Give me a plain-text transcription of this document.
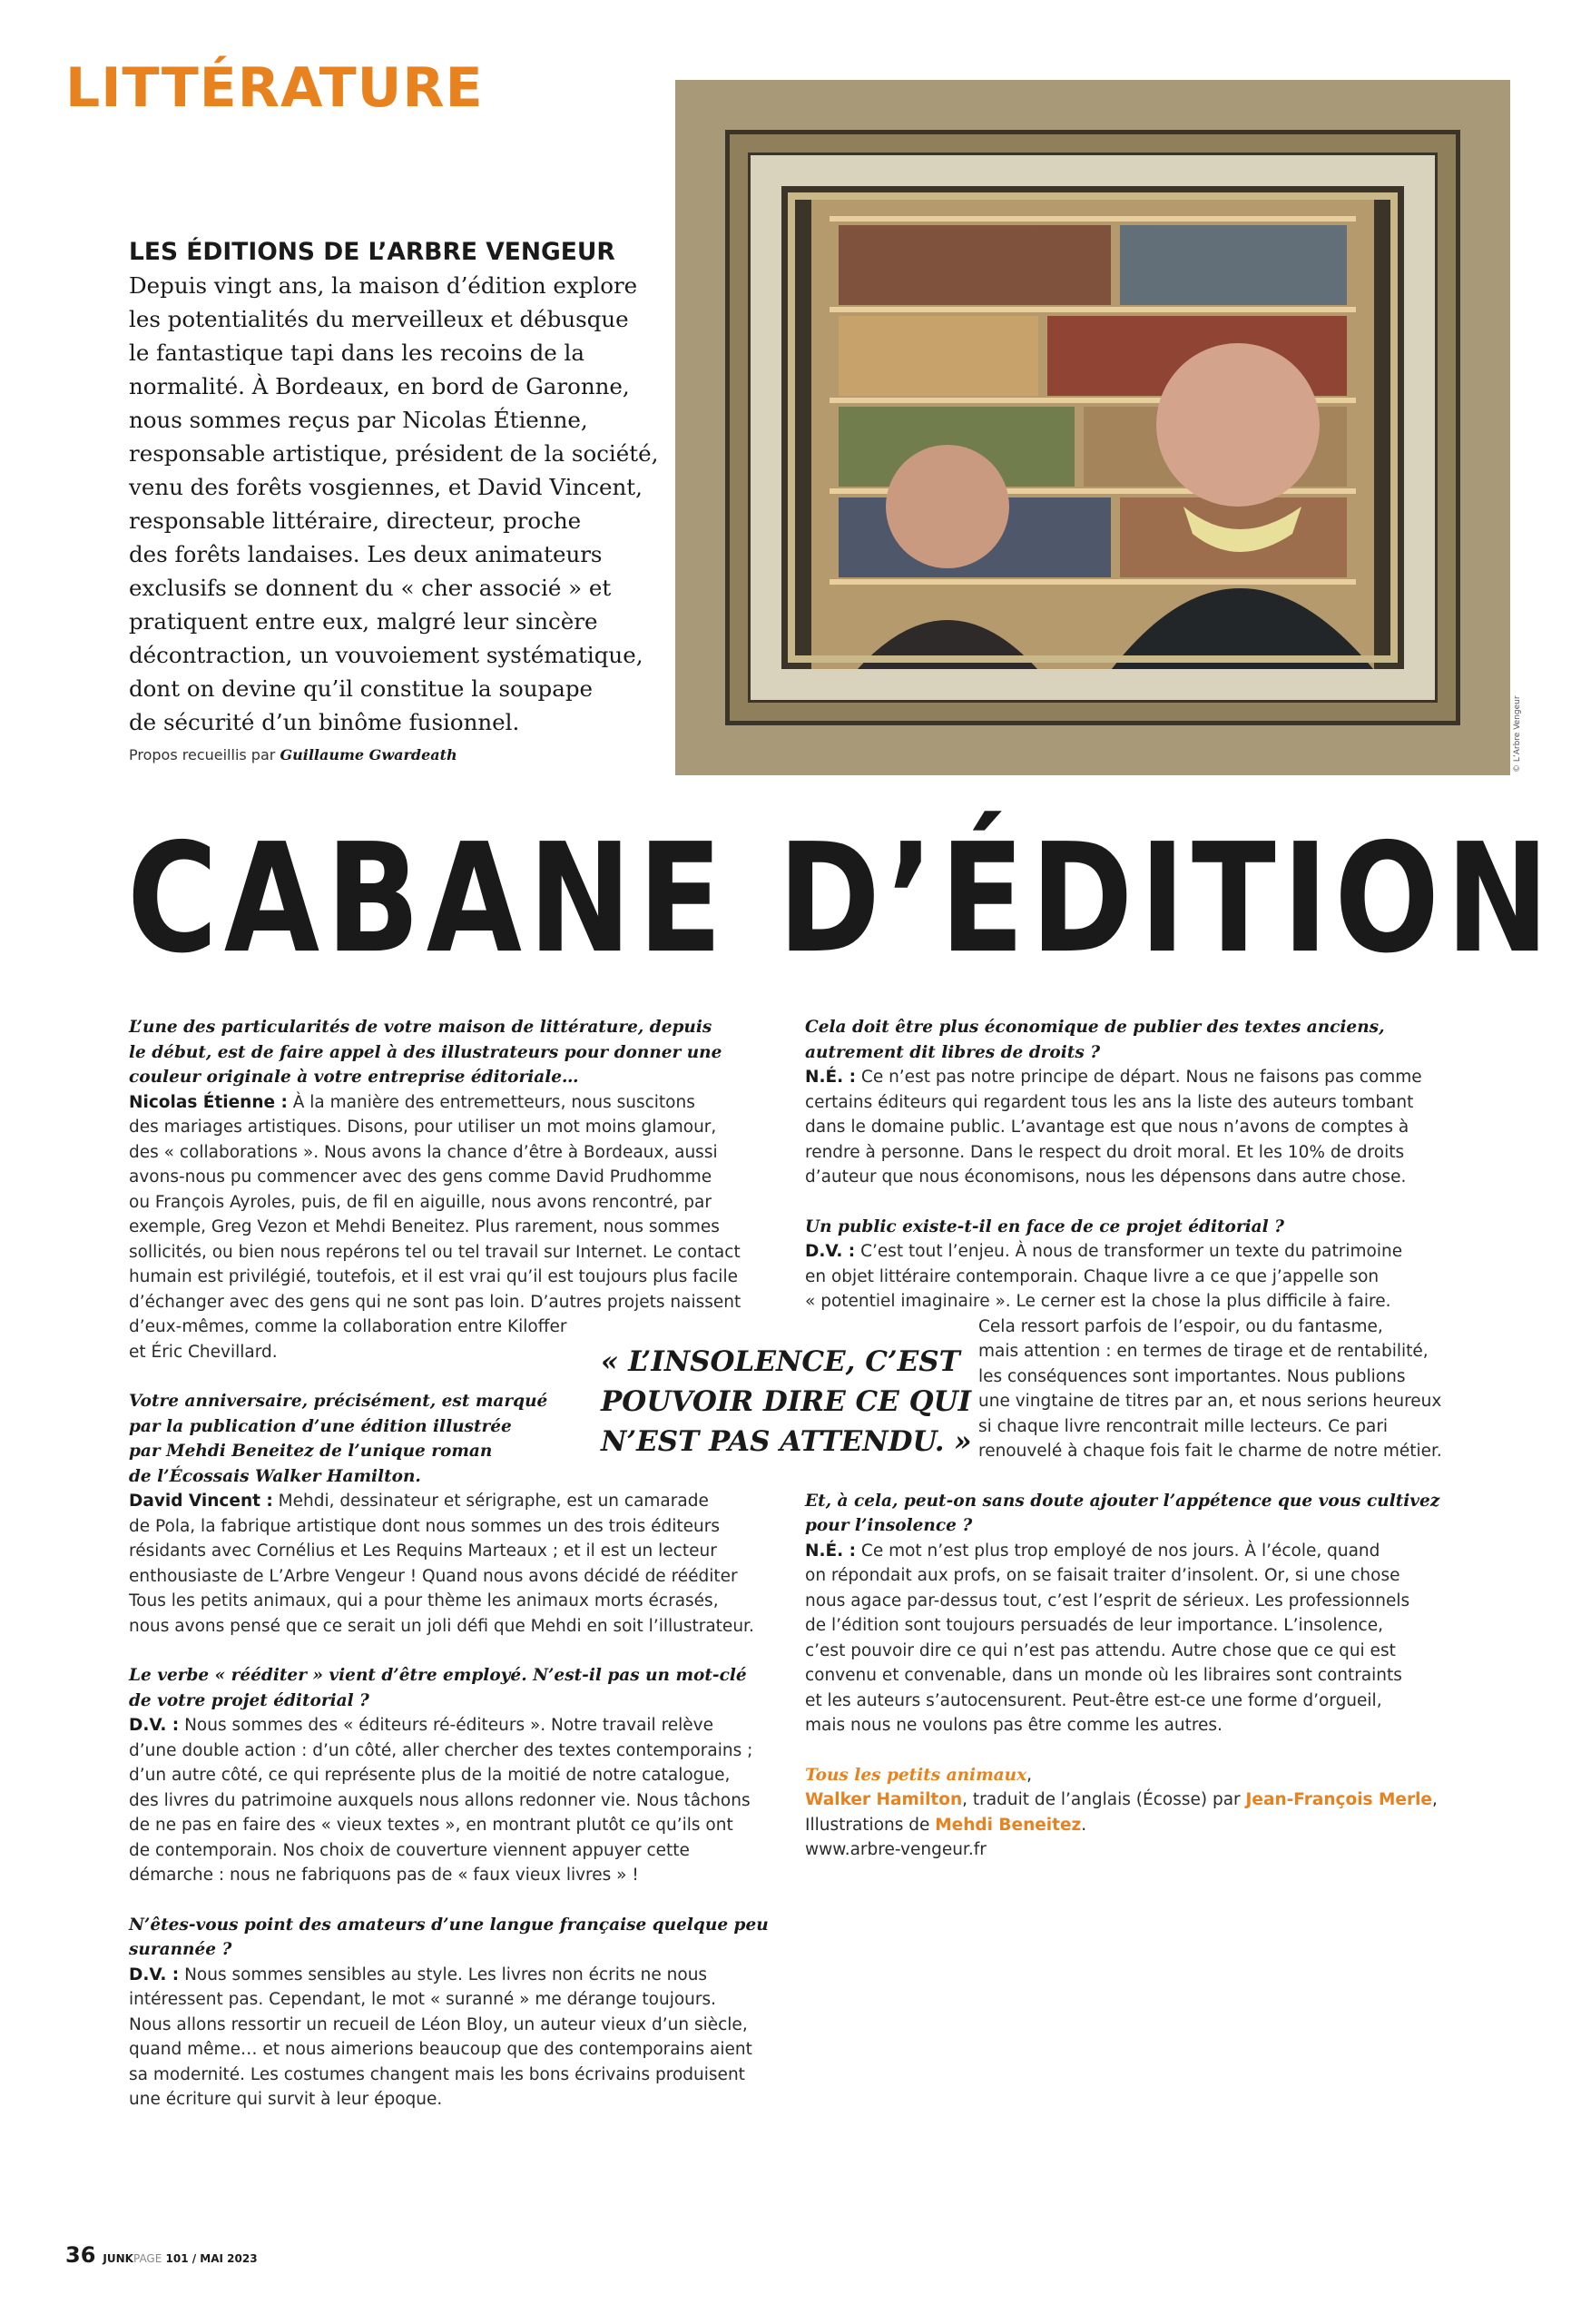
LITTÉRATURE
LES ÉDITIONS DE L’ARBRE VENGEUR
Depuis vingt ans, la maison d’édition explore
les potentialités du merveilleux et débusque
le fantastique tapi dans les recoins de la
normalité. À Bordeaux, en bord de Garonne,
nous sommes reçus par Nicolas Étienne,
responsable artistique, président de la société,
venu des forêts vosgiennes, et David Vincent,
responsable littéraire, directeur, proche
des forêts landaises. Les deux animateurs
exclusifs se donnent du « cher associé » et
pratiquent entre eux, malgré leur sincère
décontraction, un vouvoiement systématique,
dont on devine qu’il constitue la soupape
de sécurité d’un binôme fusionnel.
Propos recueillis par Guillaume Gwardeath	© L’Arbre Vengeur
CABANE D’ÉDITION
L’une des particularités de votre maison de littérature, depuis
le début, est de faire appel à des illustrateurs pour donner une
couleur originale à votre entreprise éditoriale…
Nicolas Étienne : À la manière des entremetteurs, nous suscitons
des mariages artistiques. Disons, pour utiliser un mot moins glamour,
des « collaborations ». Nous avons la chance d’être à Bordeaux, aussi
avons-nous pu commencer avec des gens comme David Prudhomme
ou François Ayroles, puis, de fil en aiguille, nous avons rencontré, par
exemple, Greg Vezon et Mehdi Beneitez. Plus rarement, nous sommes
sollicités, ou bien nous repérons tel ou tel travail sur Internet. Le contact
humain est privilégié, toutefois, et il est vrai qu’il est toujours plus facile
d’échanger avec des gens qui ne sont pas loin. D’autres projets naissent
d’eux-mêmes, comme la collaboration entre Kiloffer
et Éric Chevillard.
Votre anniversaire, précisément, est marqué
par la publication d’une édition illustrée
par Mehdi Beneitez de l’unique roman
de l’Écossais Walker Hamilton.
David Vincent : Mehdi, dessinateur et sérigraphe, est un camarade
de Pola, la fabrique artistique dont nous sommes un des trois éditeurs
résidants avec Cornélius et Les Requins Marteaux ; et il est un lecteur
enthousiaste de L’Arbre Vengeur ! Quand nous avons décidé de rééditer
Tous les petits animaux, qui a pour thème les animaux morts écrasés,
nous avons pensé que ce serait un joli défi que Mehdi en soit l’illustrateur.
Le verbe « rééditer » vient d’être employé. N’est-il pas un mot-clé
de votre projet éditorial ?
D.V. : Nous sommes des « éditeurs ré-éditeurs ». Notre travail relève
d’une double action : d’un côté, aller chercher des textes contemporains ;
d’un autre côté, ce qui représente plus de la moitié de notre catalogue,
des livres du patrimoine auxquels nous allons redonner vie. Nous tâchons
de ne pas en faire des « vieux textes », en montrant plutôt ce qu’ils ont
de contemporain. Nos choix de couverture viennent appuyer cette
démarche : nous ne fabriquons pas de « faux vieux livres » !
N’êtes-vous point des amateurs d’une langue française quelque peu
surannée ?
D.V. : Nous sommes sensibles au style. Les livres non écrits ne nous
intéressent pas. Cependant, le mot « suranné » me dérange toujours.
Nous allons ressortir un recueil de Léon Bloy, un auteur vieux d’un siècle,
quand même… et nous aimerions beaucoup que des contemporains aient
sa modernité. Les costumes changent mais les bons écrivains produisent
une écriture qui survit à leur époque.
Cela doit être plus économique de publier des textes anciens,
autrement dit libres de droits ?
N.É. : Ce n’est pas notre principe de départ. Nous ne faisons pas comme
certains éditeurs qui regardent tous les ans la liste des auteurs tombant
dans le domaine public. L’avantage est que nous n’avons de comptes à
rendre à personne. Dans le respect du droit moral. Et les 10% de droits
d’auteur que nous économisons, nous les dépensons dans autre chose.
Un public existe-t-il en face de ce projet éditorial ?
D.V. : C’est tout l’enjeu. À nous de transformer un texte du patrimoine
en objet littéraire contemporain. Chaque livre a ce que j’appelle son
« potentiel imaginaire ». Le cerner est la chose la plus difficile à faire.
Cela ressort parfois de l’espoir, ou du fantasme,
mais attention : en termes de tirage et de rentabilité,
les conséquences sont importantes. Nous publions
une vingtaine de titres par an, et nous serions heureux
si chaque livre rencontrait mille lecteurs. Ce pari
renouvelé à chaque fois fait le charme de notre métier.
Et, à cela, peut-on sans doute ajouter l’appétence que vous cultivez
pour l’insolence ?
N.É. : Ce mot n’est plus trop employé de nos jours. À l’école, quand
on répondait aux profs, on se faisait traiter d’insolent. Or, si une chose
nous agace par-dessus tout, c’est l’esprit de sérieux. Les professionnels
de l’édition sont toujours persuadés de leur importance. L’insolence,
c’est pouvoir dire ce qui n’est pas attendu. Autre chose que ce qui est
convenu et convenable, dans un monde où les libraires sont contraints
et les auteurs s’autocensurent. Peut-être est-ce une forme d’orgueil,
mais nous ne voulons pas être comme les autres.
Tous les petits animaux,
Walker Hamilton, traduit de l’anglais (Écosse) par Jean-François Merle,
Illustrations de Mehdi Beneitez.
www.arbre-vengeur.fr
« L’INSOLENCE, C’EST
POUVOIR DIRE CE QUI
N’EST PAS ATTENDU. »
36 JUNKPAGE 101 / MAI 2023
